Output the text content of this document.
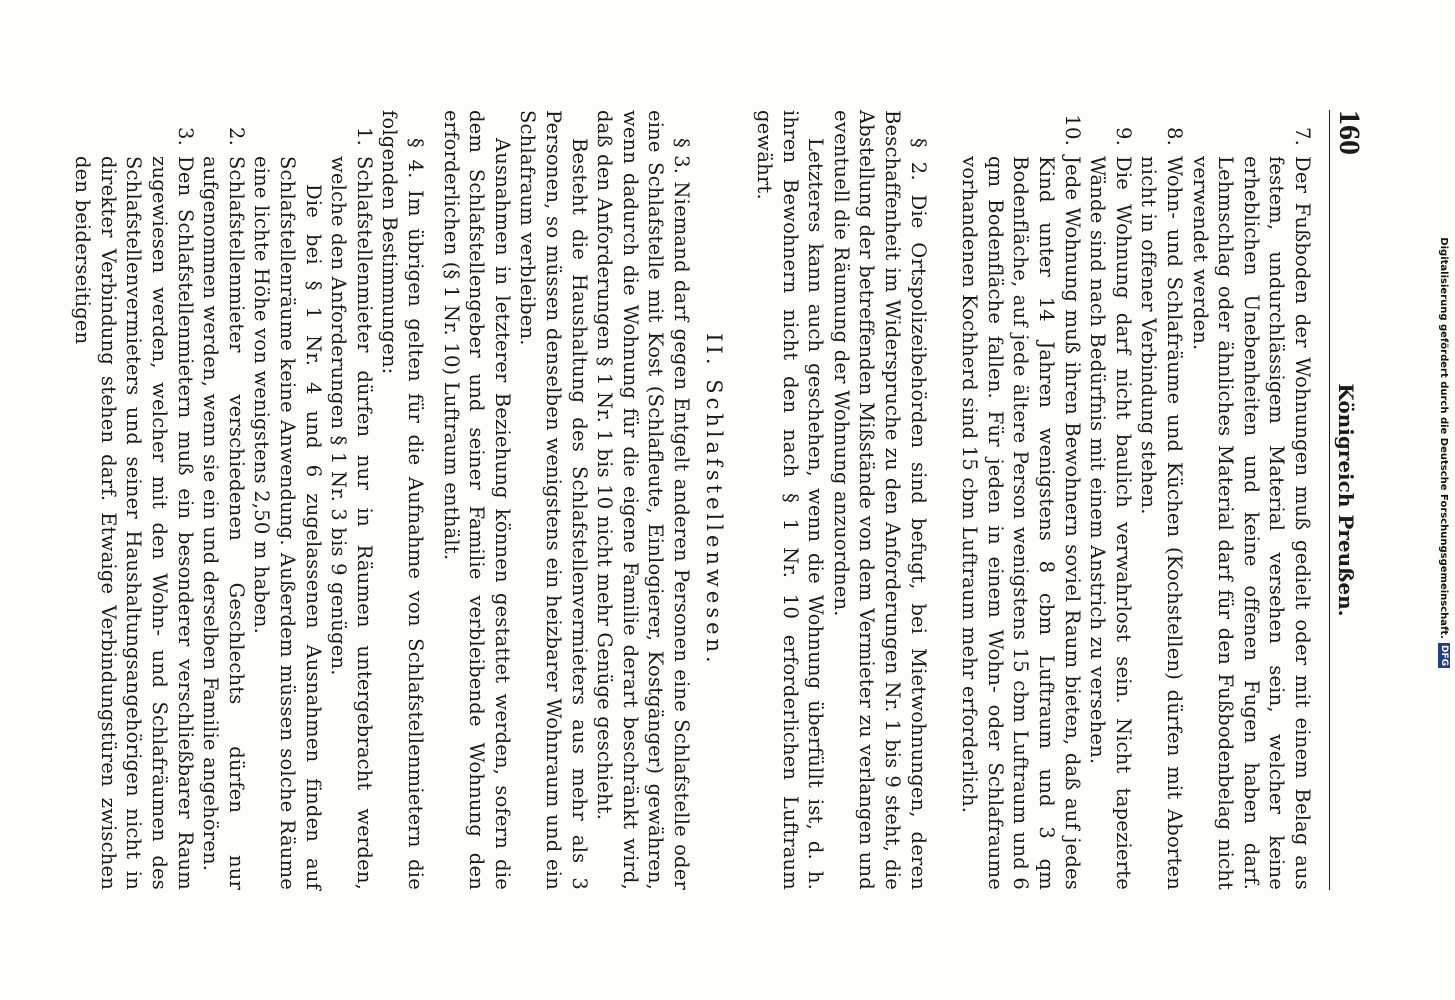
160
Königreich Preußen.
7.
Der Fußboden der Wohnungen muß gedielt oder mit einem Belag aus festem, undurchlässigem Material versehen sein, welcher keine erheblichen Unebenheiten und keine offenen Fugen haben darf. Lehmschlag oder ähnliches Material darf für den Fußbodenbelag nicht verwendet werden.
8.
Wohn- und Schlafräume und Küchen (Kochstellen) dürfen mit Aborten nicht in offener Verbindung stehen.
9.
Die Wohnung darf nicht baulich verwahrlost sein. Nicht tapezierte Wände sind nach Bedürfnis mit einem Anstrich zu versehen.
10.
Jede Wohnung muß ihren Bewohnern soviel Raum bieten, daß auf jedes Kind unter 14 Jahren wenigstens 8 cbm Luftraum und 3 qm Bodenfläche, auf jede ältere Person wenigstens 15 cbm Luftraum und 6 qm Bodenfläche fallen. Für jeden in einem Wohn- oder Schlafraume vorhandenen Kochherd sind 15 cbm Luftraum mehr erforderlich.

§ 2. Die Ortspolizeibehörden sind befugt, bei Mietwohnungen, deren Beschaffenheit im Widerspruche zu den Anforderungen Nr. 1 bis 9 steht, die Abstellung der betreffenden Mißstände von dem Vermieter zu verlangen und eventuell die Räumung der Wohnung anzuordnen.

Letzteres kann auch geschehen, wenn die Wohnung überfüllt ist, d. h. ihren Bewohnern nicht den nach § 1 Nr. 10 erforderlichen Luftraum gewährt.

II. Schlafstellenwesen.

§ 3. Niemand darf gegen Entgelt anderen Personen eine Schlafstelle oder eine Schlafstelle mit Kost (Schlafleute, Einlogierer, Kostgänger) gewähren, wenn dadurch die Wohnung für die eigene Familie derart beschränkt wird, daß den Anforderungen § 1 Nr. 1 bis 10 nicht mehr Genüge geschieht.

Besteht die Haushaltung des Schlafstellenvermieters aus mehr als 3 Personen, so müssen denselben wenigstens ein heizbarer Wohnraum und ein Schlafraum verbleiben.

Ausnahmen in letzterer Beziehung können gestattet werden, sofern die dem Schlafstellengeber und seiner Familie verbleibende Wohnung den erforderlichen (§ 1 Nr. 10) Luftraum enthält.

§ 4. Im übrigen gelten für die Aufnahme von Schlafstellenmietern die folgenden Bestimmungen:

1.
Schlafstellenmieter dürfen nur in Räumen untergebracht werden, welche den Anforderungen § 1 Nr. 3 bis 9 genügen.
Die bei § 1 Nr. 4 und 6 zugelassenen Ausnahmen finden auf Schlafstellenräume keine Anwendung. Außerdem müssen solche Räume eine lichte Höhe von wenigstens 2,50 m haben.
2.
Schlafstellenmieter verschiedenen Geschlechts dürfen nur aufgenommen werden, wenn sie ein und derselben Familie angehören.
3.
Den Schlafstellenmietern muß ein besonderer verschließbarer Raum zugewiesen werden, welcher mit den Wohn- und Schlafräumen des Schlafstellenvermieters und seiner Haushaltungsangehörigen nicht in direkter Verbindung stehen darf. Etwaige Verbindungstüren zwischen den beiderseitigen	Digitalisierung gefördert durch die Deutsche Forschungsgemeinschaft.
DFG
